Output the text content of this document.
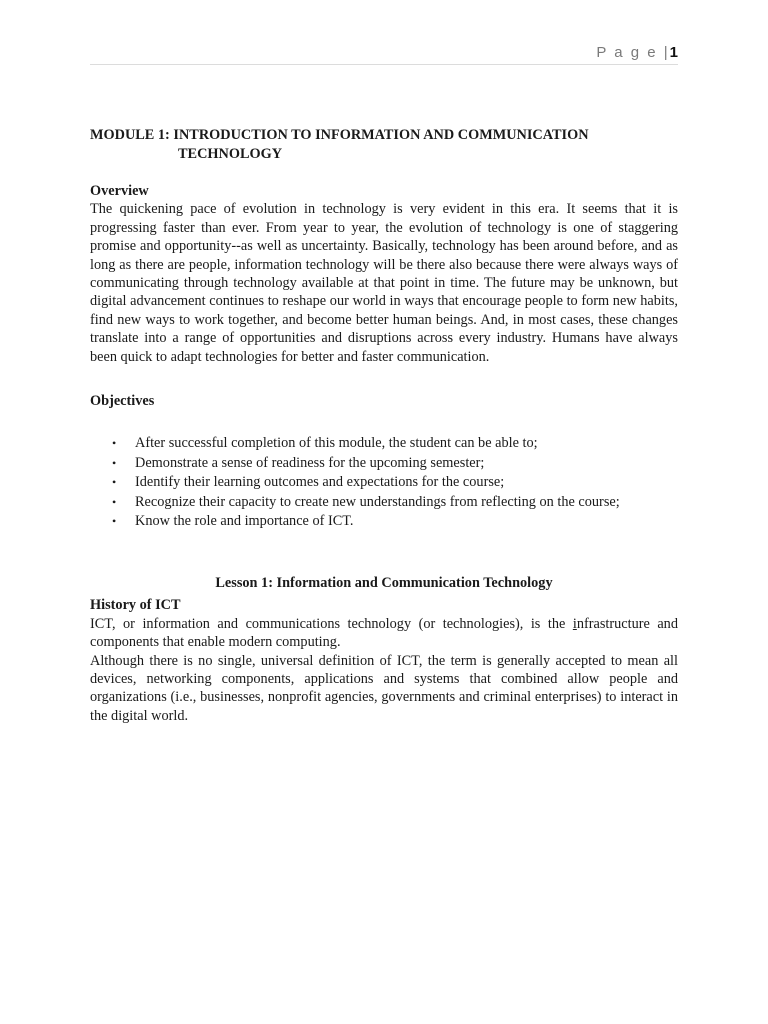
P a g e |1
MODULE 1: INTRODUCTION TO INFORMATION AND COMMUNICATION
TECHNOLOGY
Overview

The quickening pace of evolution in technology is very evident in this era. It seems that it is progressing faster than ever. From year to year, the evolution of technology is one of staggering promise and opportunity--as well as uncertainty. Basically, technology has been around before, and as long as there are people, information technology will be there also because there were always ways of communicating through technology available at that point in time. The future may be unknown, but digital advancement continues to reshape our world in ways that encourage people to form new habits, find new ways to work together, and become better human beings. And, in most cases, these changes translate into a range of opportunities and disruptions across every industry. Humans have always been quick to adapt technologies for better and faster communication.

Objectives
• After successful completion of this module, the student can be able to;
• Demonstrate a sense of readiness for the upcoming semester;
• Identify their learning outcomes and expectations for the course;
• Recognize their capacity to create new understandings from reflecting on the course;
• Know the role and importance of ICT.
Lesson 1: Information and Communication Technology
History of ICT

ICT, or information and communications technology (or technologies), is the infrastructure and components that enable modern computing.

Although there is no single, universal definition of ICT, the term is generally accepted to mean all devices, networking components, applications and systems that combined allow people and organizations (i.e., businesses, nonprofit agencies, governments and criminal enterprises) to interact in the digital world.
